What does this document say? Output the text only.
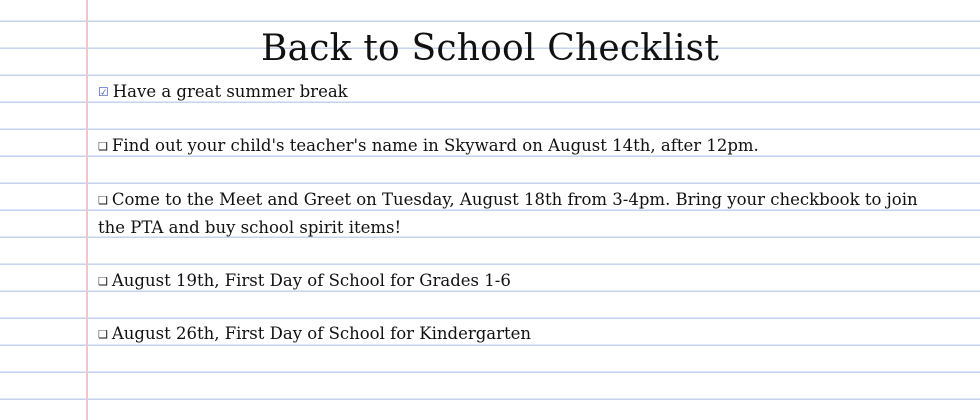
Back to School Checklist
☑ Have a great summer break
❑ Find out your child's teacher's name in Skyward on August 14th, after 12pm.
❑ Come to the Meet and Greet on Tuesday, August 18th from 3-4pm. Bring your checkbook to join the PTA and buy school spirit items!
❑ August 19th, First Day of School for Grades 1-6
❑ August 26th, First Day of School for Kindergarten
